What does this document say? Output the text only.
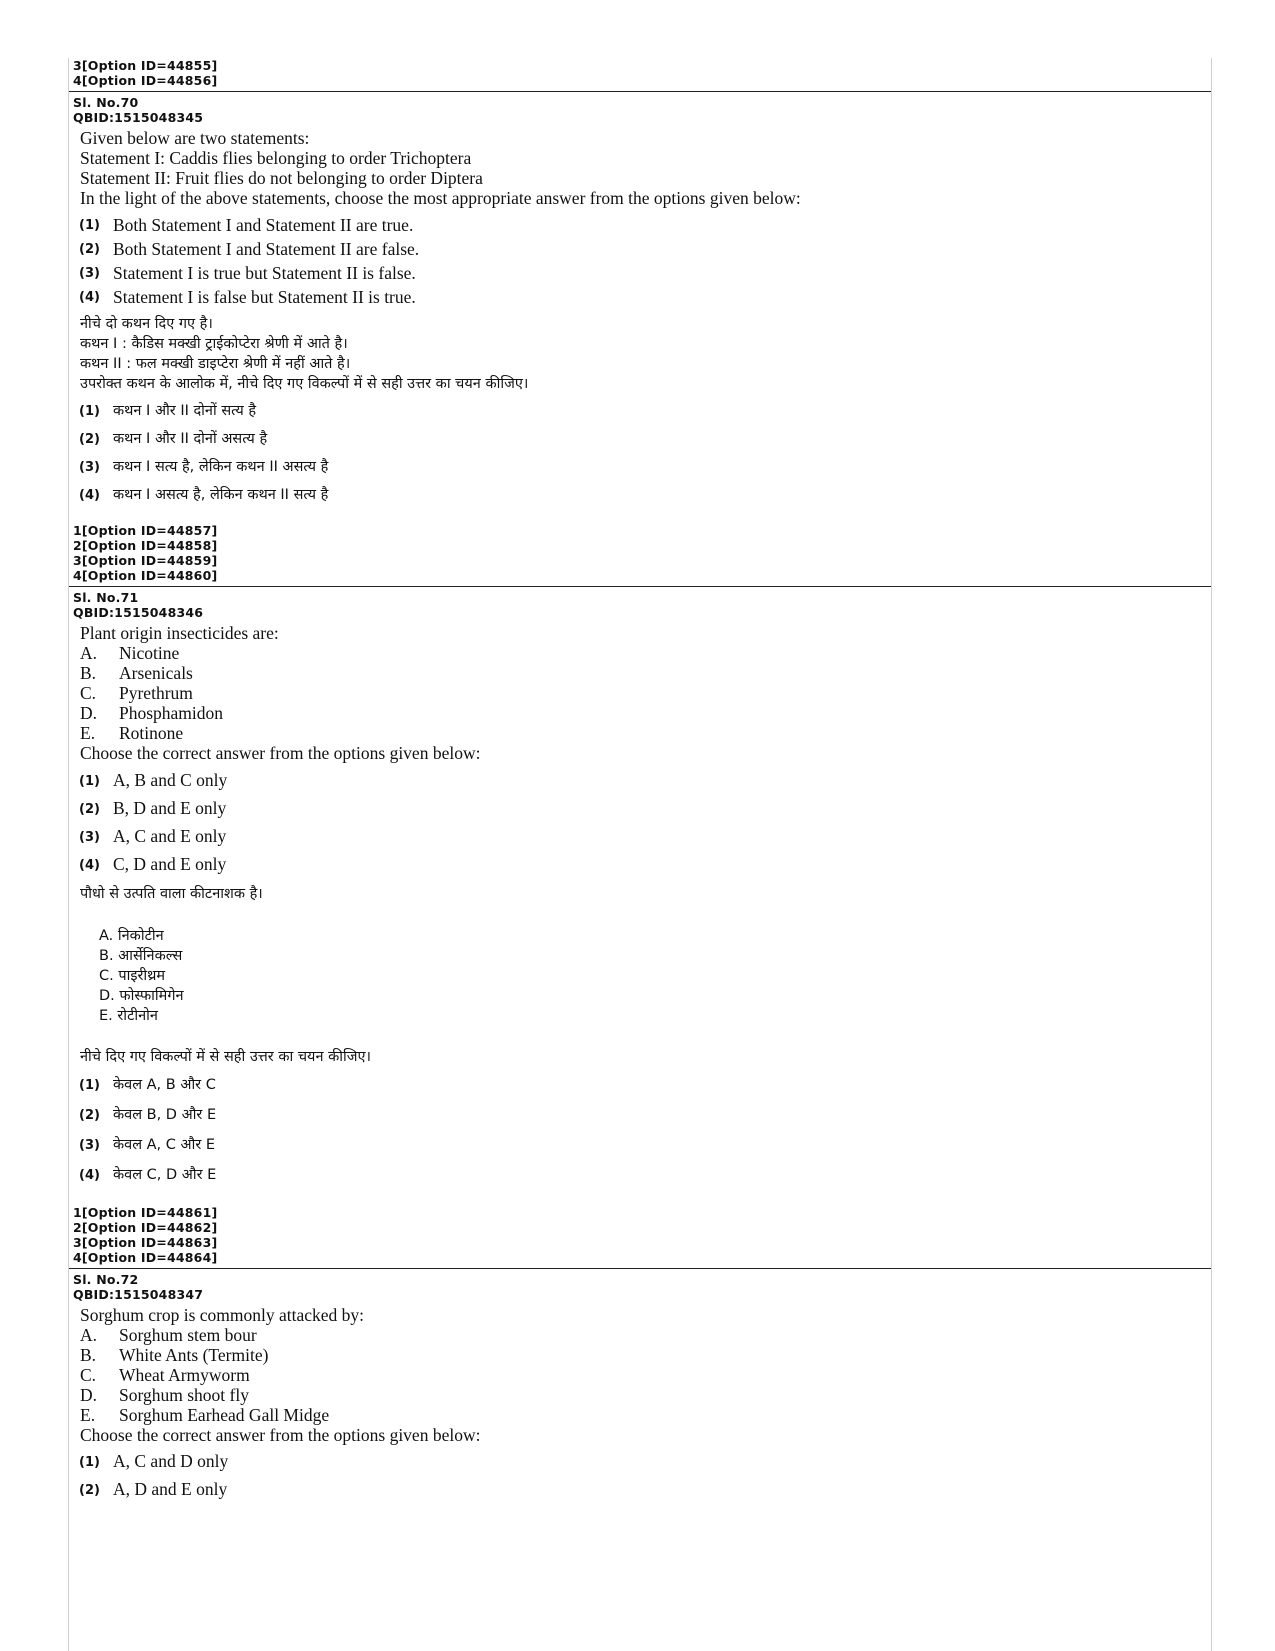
3[Option ID=44855]
4[Option ID=44856]
Sl. No.70
QBID:1515048345
Given below are two statements:
Statement I: Caddis flies belonging to order Trichoptera
Statement II: Fruit flies do not belonging to order Diptera
In the light of the above statements, choose the most appropriate answer from the options given below:
(1) Both Statement I and Statement II are true.
(2) Both Statement I and Statement II are false.
(3) Statement I is true but Statement II is false.
(4) Statement I is false but Statement II is true.
नीचे दो कथन दिए गए है।
कथन I : कैडिस मक्खी ट्राईकोप्टेरा श्रेणी में आते है।
कथन II : फल मक्खी डाइप्टेरा श्रेणी में नहीं आते है।
उपरोक्त कथन के आलोक में, नीचे दिए गए विकल्पों में से सही उत्तर का चयन कीजिए।
(1) कथन I और II दोनों सत्य है
(2) कथन I और II दोनों असत्य है
(3) कथन I सत्य है, लेकिन कथन II असत्य है
(4) कथन I असत्य है, लेकिन कथन II सत्य है
1[Option ID=44857]
2[Option ID=44858]
3[Option ID=44859]
4[Option ID=44860]
Sl. No.71
QBID:1515048346
Plant origin insecticides are:
A. Nicotine
B. Arsenicals
C. Pyrethrum
D. Phosphamidon
E. Rotinone
Choose the correct answer from the options given below:
(1) A, B and C only
(2) B, D and E only
(3) A, C and E only
(4) C, D and E only
पौधो से उत्पति वाला कीटनाशक है।
A. निकोटीन
B. आर्सेनिकल्स
C. पाइरीथ्रम
D. फोस्फामिगेन
E. रोटीनोन
नीचे दिए गए विकल्पों में से सही उत्तर का चयन कीजिए।
(1) केवल A, B और C
(2) केवल B, D और E
(3) केवल A, C और E
(4) केवल C, D और E
1[Option ID=44861]
2[Option ID=44862]
3[Option ID=44863]
4[Option ID=44864]
Sl. No.72
QBID:1515048347
Sorghum crop is commonly attacked by:
A. Sorghum stem bour
B. White Ants (Termite)
C. Wheat Armyworm
D. Sorghum shoot fly
E. Sorghum Earhead Gall Midge
Choose the correct answer from the options given below:
(1) A, C and D only
(2) A, D and E only
